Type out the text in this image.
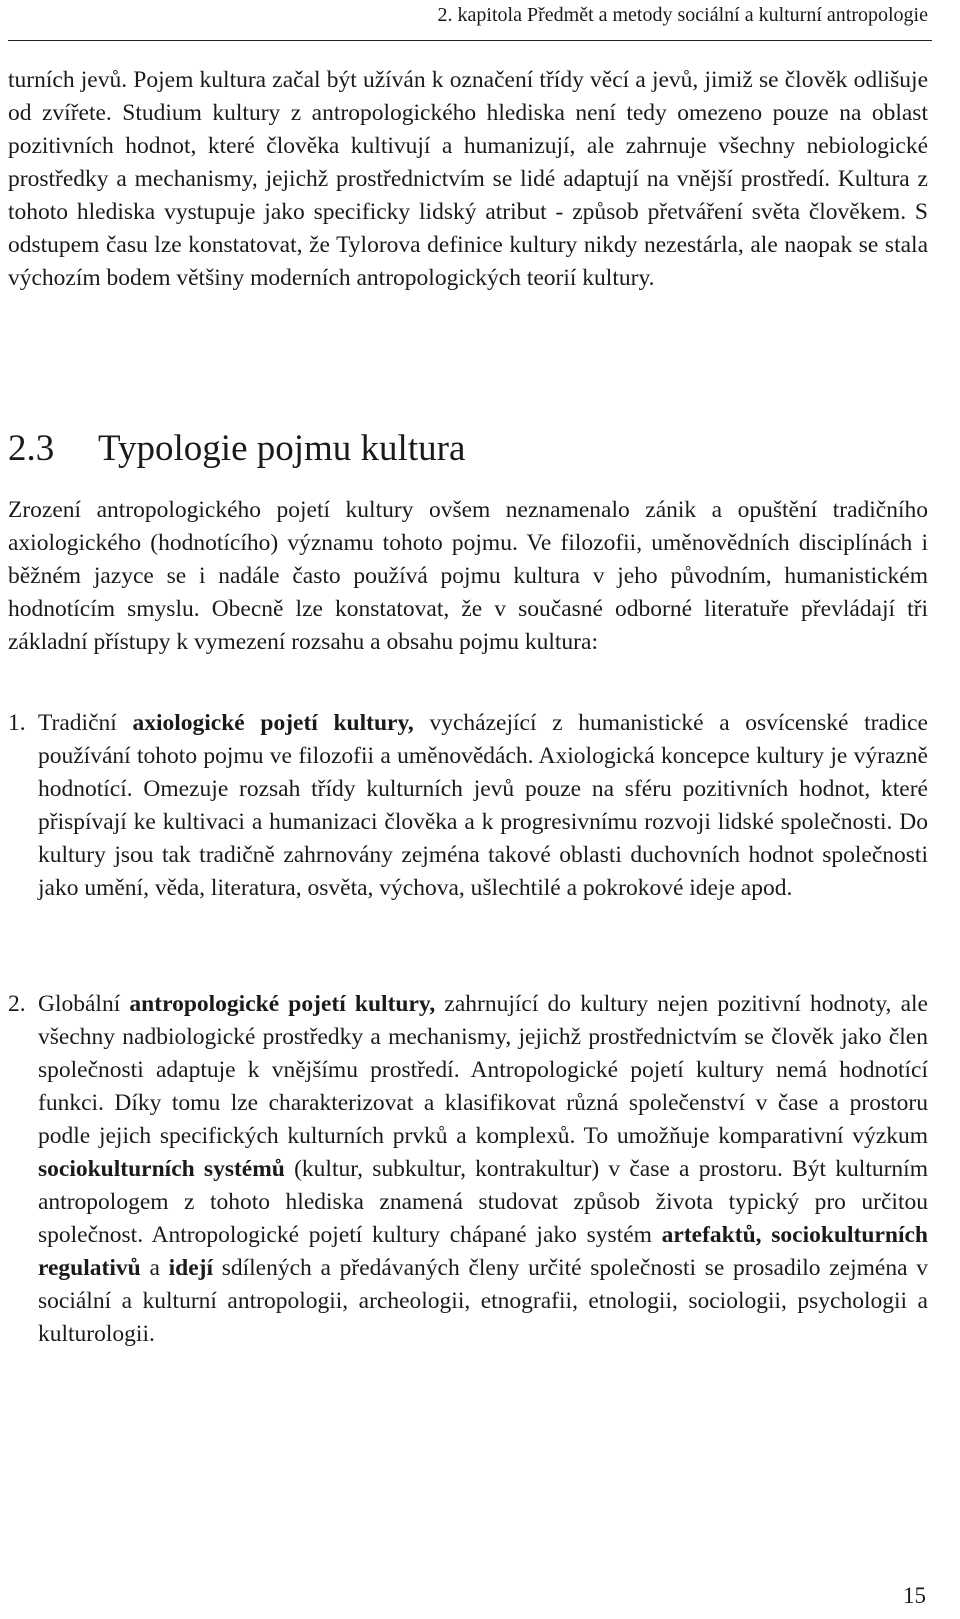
2. kapitola Předmět a metody sociální a kulturní antropologie

turních jevů. Pojem kultura začal být užíván k označení třídy věcí a jevů, jimiž se člověk odlišuje od zvířete. Studium kultury z antropologického hlediska není tedy omezeno pouze na oblast pozitivních hodnot, které člověka kultivují a humanizují, ale zahrnuje všechny nebiologické prostředky a mechanismy, jejichž prostřednictvím se lidé adaptují na vnější prostředí. Kultura z tohoto hlediska vystupuje jako specificky lidský atribut - způsob přetváření světa člověkem. S odstupem času lze konstatovat, že Tylorova definice kultury nikdy nezestárla, ale naopak se stala výchozím bodem většiny moderních antropologických teorií kultury.

2.3 Typologie pojmu kultura

Zrození antropologického pojetí kultury ovšem neznamenalo zánik a opuštění tradičního axiologického (hodnotícího) významu tohoto pojmu. Ve filozofii, uměnovědních disciplínách i běžném jazyce se i nadále často používá pojmu kultura v jeho původním, humanistickém hodnotícím smyslu. Obecně lze konstatovat, že v současné odborné literatuře převládají tři základní přístupy k vymezení rozsahu a obsahu pojmu kultura:

1. Tradiční axiologické pojetí kultury, vycházející z humanistické a osvícenské tradice používání tohoto pojmu ve filozofii a uměnovědách. Axiologická koncepce kultury je výrazně hodnotící. Omezuje rozsah třídy kulturních jevů pouze na sféru pozitivních hodnot, které přispívají ke kultivaci a humanizaci člověka a k progresivnímu rozvoji lidské společnosti. Do kultury jsou tak tradičně zahrnovány zejména takové oblasti duchovních hodnot společnosti jako umění, věda, literatura, osvěta, výchova, ušlechtilé a pokrokové ideje apod.
2. Globální antropologické pojetí kultury, zahrnující do kultury nejen pozitivní hodnoty, ale všechny nadbiologické prostředky a mechanismy, jejichž prostřednictvím se člověk jako člen společnosti adaptuje k vnějšímu prostředí. Antropologické pojetí kultury nemá hodnotící funkci. Díky tomu lze charakterizovat a klasifikovat různá společenství v čase a prostoru podle jejich specifických kulturních prvků a komplexů. To umožňuje komparativní výzkum sociokulturních systémů (kultur, subkultur, kontrakultur) v čase a prostoru. Být kulturním antropologem z tohoto hlediska znamená studovat způsob života typický pro určitou společnost. Antropologické pojetí kultury chápané jako systém artefaktů, sociokulturních regulativů a idejí sdílených a předávaných členy určité společnosti se prosadilo zejména v sociální a kulturní antropologii, archeologii, etnografii, etnologii, sociologii, psychologii a kulturologii.
15
